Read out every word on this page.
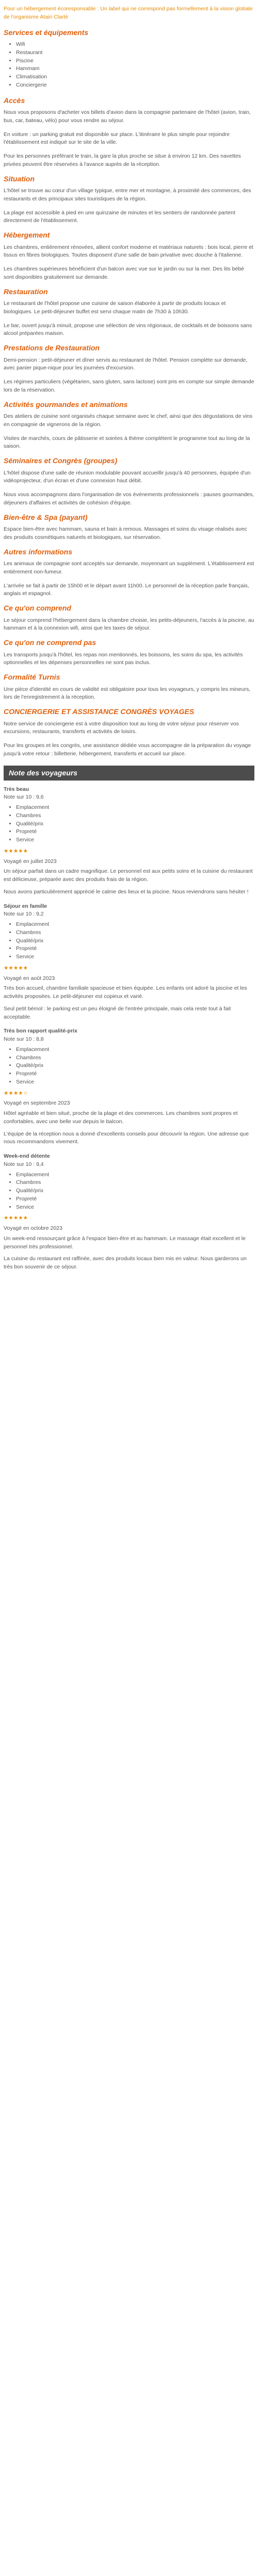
Pour un hébergement écoresponsable : Un label qui ne correspond pas formellement à la vision globale de l'organisme Atairi Clarté

Services et équipements
• Wifi
• Restaurant
• Piscine
• Hammam
• Climatisation
• Conciergerie
Accès

Nous vous proposons d'acheter vos billets d'avion dans la compagnie partenaire de l'hôtel (avion, train, bus, car, bateau, vélo) pour vous rendre au séjour.

En voiture : un parking gratuit est disponible sur place. L'itinéraire le plus simple pour rejoindre l'établissement est indiqué sur le site de la ville.

Pour les personnes préférant le train, la gare la plus proche se situe à environ 12 km. Des navettes privées peuvent être réservées à l'avance auprès de la réception.

Situation

L'hôtel se trouve au cœur d'un village typique, entre mer et montagne, à proximité des commerces, des restaurants et des principaux sites touristiques de la région.

La plage est accessible à pied en une quinzaine de minutes et les sentiers de randonnée partent directement de l'établissement.

Hébergement

Les chambres, entièrement rénovées, allient confort moderne et matériaux naturels : bois local, pierre et tissus en fibres biologiques. Toutes disposent d'une salle de bain privative avec douche à l'italienne.

Les chambres supérieures bénéficient d'un balcon avec vue sur le jardin ou sur la mer. Des lits bébé sont disponibles gratuitement sur demande.

Restauration

Le restaurant de l'hôtel propose une cuisine de saison élaborée à partir de produits locaux et biologiques. Le petit-déjeuner buffet est servi chaque matin de 7h30 à 10h30.

Le bar, ouvert jusqu'à minuit, propose une sélection de vins régionaux, de cocktails et de boissons sans alcool préparées maison.

Prestations de Restauration

Demi-pension : petit-déjeuner et dîner servis au restaurant de l'hôtel. Pension complète sur demande, avec panier pique-nique pour les journées d'excursion.

Les régimes particuliers (végétarien, sans gluten, sans lactose) sont pris en compte sur simple demande lors de la réservation.

Activités gourmandes et animations

Des ateliers de cuisine sont organisés chaque semaine avec le chef, ainsi que des dégustations de vins en compagnie de vignerons de la région.

Visites de marchés, cours de pâtisserie et soirées à thème complètent le programme tout au long de la saison.

Séminaires et Congrès (groupes)

L'hôtel dispose d'une salle de réunion modulable pouvant accueillir jusqu'à 40 personnes, équipée d'un vidéoprojecteur, d'un écran et d'une connexion haut débit.

Nous vous accompagnons dans l'organisation de vos événements professionnels : pauses gourmandes, déjeuners d'affaires et activités de cohésion d'équipe.

Bien-être & Spa (payant)

Espace bien-être avec hammam, sauna et bain à remous. Massages et soins du visage réalisés avec des produits cosmétiques naturels et biologiques, sur réservation.

Autres informations

Les animaux de compagnie sont acceptés sur demande, moyennant un supplément. L'établissement est entièrement non-fumeur.

L'arrivée se fait à partir de 15h00 et le départ avant 11h00. Le personnel de la réception parle français, anglais et espagnol.

Ce qu'on comprend

Le séjour comprend l'hébergement dans la chambre choisie, les petits-déjeuners, l'accès à la piscine, au hammam et à la connexion wifi, ainsi que les taxes de séjour.

Ce qu'on ne comprend pas

Les transports jusqu'à l'hôtel, les repas non mentionnés, les boissons, les soins du spa, les activités optionnelles et les dépenses personnelles ne sont pas inclus.

Formalité Turnis

Une pièce d'identité en cours de validité est obligatoire pour tous les voyageurs, y compris les mineurs, lors de l'enregistrement à la réception.

CONCIERGERIE ET ASSISTANCE CONGRÈS VOYAGES

Notre service de conciergerie est à votre disposition tout au long de votre séjour pour réserver vos excursions, restaurants, transferts et activités de loisirs.

Pour les groupes et les congrès, une assistance dédiée vous accompagne de la préparation du voyage jusqu'à votre retour : billetterie, hébergement, transferts et accueil sur place.

Note des voyageurs
Très beau
Note sur 10 : 9,6
• Emplacement
• Chambres
• Qualité/prix
• Propreté
• Service
★★★★★
Voyagé en juillet 2023

Un séjour parfait dans un cadre magnifique. Le personnel est aux petits soins et la cuisine du restaurant est délicieuse, préparée avec des produits frais de la région.

Nous avons particulièrement apprécié le calme des lieux et la piscine. Nous reviendrons sans hésiter !

Séjour en famille
Note sur 10 : 9,2
• Emplacement
• Chambres
• Qualité/prix
• Propreté
• Service
★★★★★
Voyagé en août 2023

Très bon accueil, chambre familiale spacieuse et bien équipée. Les enfants ont adoré la piscine et les activités proposées. Le petit-déjeuner est copieux et varié.

Seul petit bémol : le parking est un peu éloigné de l'entrée principale, mais cela reste tout à fait acceptable.

Très bon rapport qualité-prix
Note sur 10 : 8,8
• Emplacement
• Chambres
• Qualité/prix
• Propreté
• Service
★★★★☆
Voyagé en septembre 2023

Hôtel agréable et bien situé, proche de la plage et des commerces. Les chambres sont propres et confortables, avec une belle vue depuis le balcon.

L'équipe de la réception nous a donné d'excellents conseils pour découvrir la région. Une adresse que nous recommandons vivement.

Week-end détente
Note sur 10 : 9,4
• Emplacement
• Chambres
• Qualité/prix
• Propreté
• Service
★★★★★
Voyagé en octobre 2023

Un week-end ressourçant grâce à l'espace bien-être et au hammam. Le massage était excellent et le personnel très professionnel.

La cuisine du restaurant est raffinée, avec des produits locaux bien mis en valeur. Nous garderons un très bon souvenir de ce séjour.
